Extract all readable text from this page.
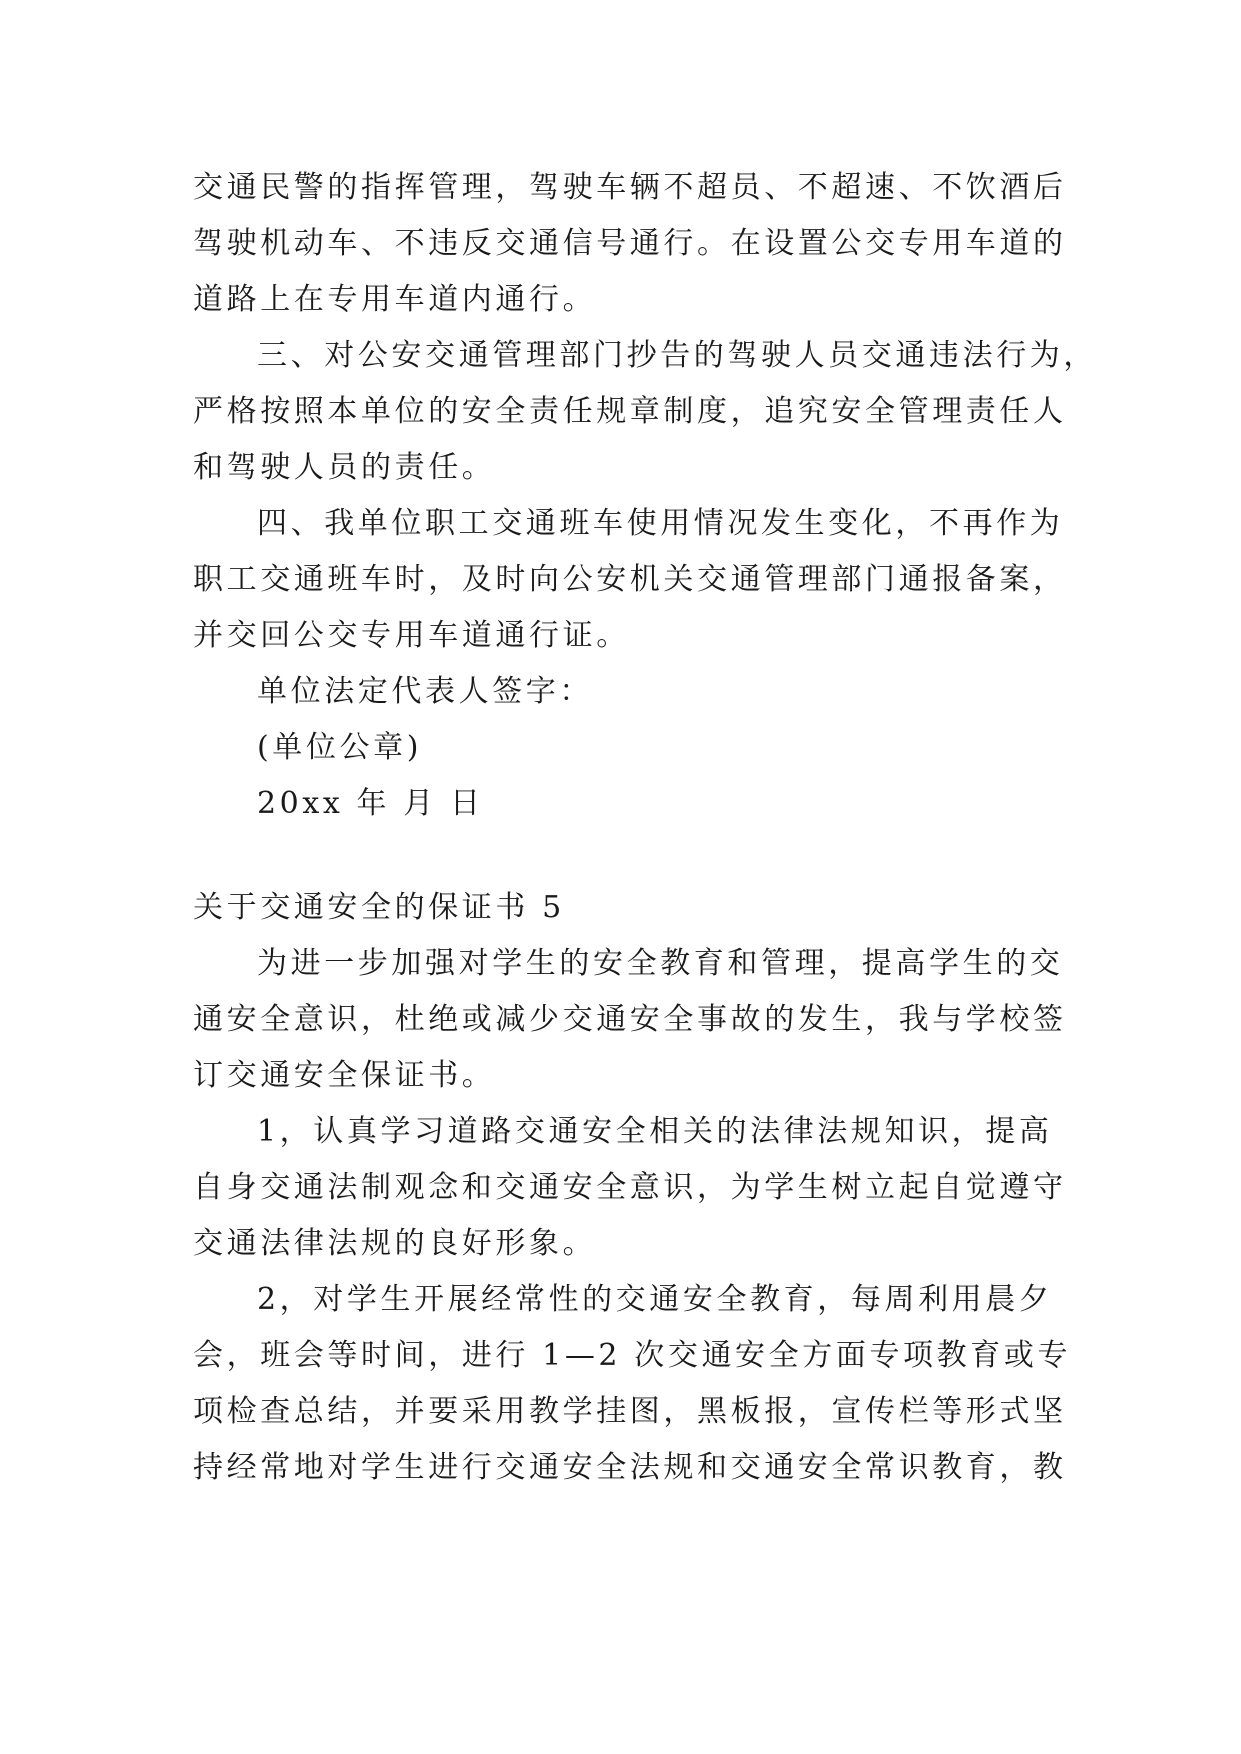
交通民警的指挥管理，驾驶车辆不超员、不超速、不饮酒后
驾驶机动车、不违反交通信号通行。在设置公交专用车道的
道路上在专用车道内通行。
三、对公安交通管理部门抄告的驾驶人员交通违法行为，
严格按照本单位的安全责任规章制度，追究安全管理责任人
和驾驶人员的责任。
四、我单位职工交通班车使用情况发生变化，不再作为
职工交通班车时，及时向公安机关交通管理部门通报备案，
并交回公交专用车道通行证。
单位法定代表人签字：
(单位公章)
20xx 年 月 日
关于交通安全的保证书 5
为进一步加强对学生的安全教育和管理，提高学生的交
通安全意识，杜绝或减少交通安全事故的发生，我与学校签
订交通安全保证书。
1，认真学习道路交通安全相关的法律法规知识，提高
自身交通法制观念和交通安全意识，为学生树立起自觉遵守
交通法律法规的良好形象。
2，对学生开展经常性的交通安全教育，每周利用晨夕
会，班会等时间，进行 1—2 次交通安全方面专项教育或专
项检查总结，并要采用教学挂图，黑板报，宣传栏等形式坚
持经常地对学生进行交通安全法规和交通安全常识教育，教
